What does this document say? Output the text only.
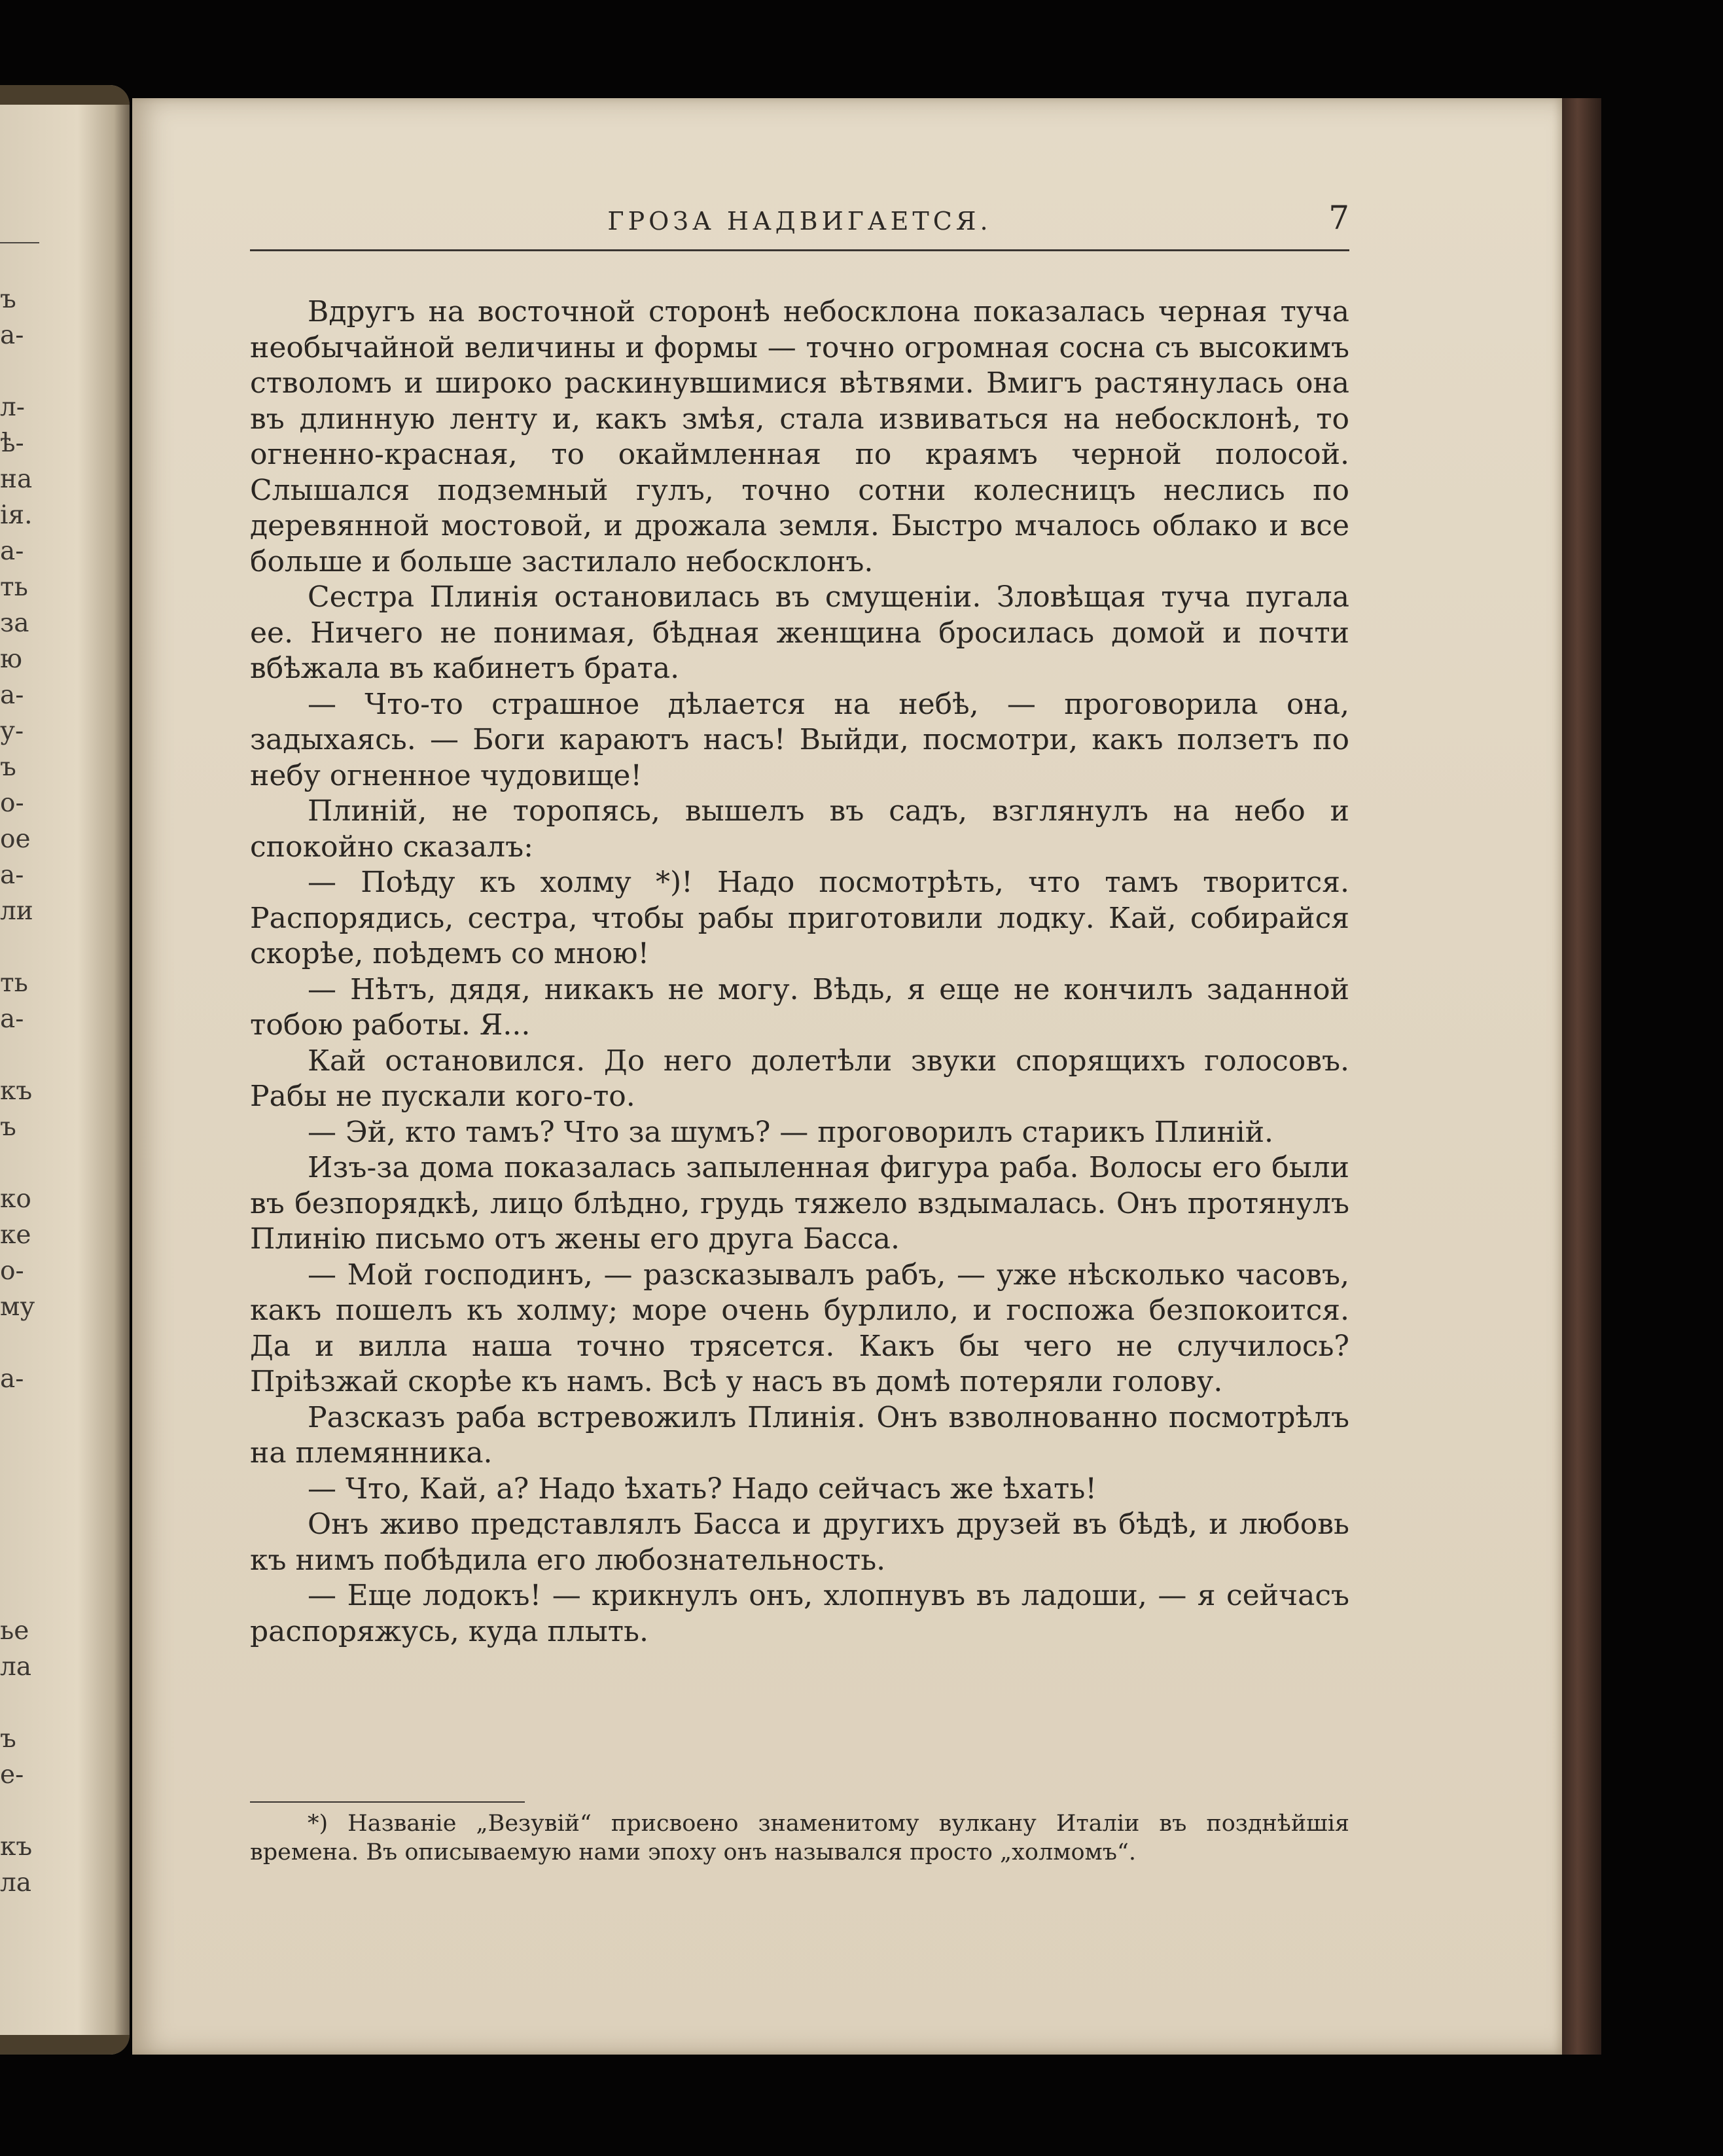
ъ
а-
л-
ѣ-
на
ія.
а-
ть
за
ю
а-
у-
ъ
о-
ое
а-
ли
ть
а-
къ
ъ
ко
ке
о-
му
а-
ье
ла
ъ
е-
къ
ла
ГРОЗА НАДВИГАЕТСЯ.	7

Вдругъ на восточной сторонѣ небосклона показалась черная туча необычайной величины и формы — точно огромная сосна съ высокимъ стволомъ и широко раскинувшимися вѣтвями. Вмигъ растянулась она въ длинную ленту и, какъ змѣя, стала извиваться на небосклонѣ, то огненно-красная, то окаймленная по краямъ черной полосой. Слышался подземный гулъ, точно сотни колесницъ неслись по деревянной мостовой, и дрожала земля. Быстро мчалось облако и все больше и больше застилало небосклонъ.

Сестра Плинія остановилась въ смущеніи. Зловѣщая туча пугала ее. Ничего не понимая, бѣдная женщина бросилась домой и почти вбѣжала въ кабинетъ брата.

— Что-то страшное дѣлается на небѣ, — проговорила она, задыхаясь. — Боги караютъ насъ! Выйди, посмотри, какъ ползетъ по небу огненное чудовище!

Плиній, не торопясь, вышелъ въ садъ, взглянулъ на небо и спокойно сказалъ:

— Поѣду къ холму *)! Надо посмотрѣть, что тамъ творится. Распорядись, сестра, чтобы рабы приготовили лодку. Кай, собирайся скорѣе, поѣдемъ со мною!

— Нѣтъ, дядя, никакъ не могу. Вѣдь, я еще не кончилъ заданной тобою работы. Я...

Кай остановился. До него долетѣли звуки спорящихъ голосовъ. Рабы не пускали кого-то.

— Эй, кто тамъ? Что за шумъ? — проговорилъ старикъ Плиній.

Изъ-за дома показалась запыленная фигура раба. Волосы его были въ безпорядкѣ, лицо блѣдно, грудь тяжело вздымалась. Онъ протянулъ Плинію письмо отъ жены его друга Басса.

— Мой господинъ, — разсказывалъ рабъ, — уже нѣсколько часовъ, какъ пошелъ къ холму; море очень бурлило, и госпожа безпокоится. Да и вилла наша точно трясется. Какъ бы чего не случилось? Пріѣзжай скорѣе къ намъ. Всѣ у насъ въ домѣ потеряли голову.

Разсказъ раба встревожилъ Плинія. Онъ взволнованно посмотрѣлъ на племянника.

— Что, Кай, а? Надо ѣхать? Надо сейчасъ же ѣхать!

Онъ живо представлялъ Басса и другихъ друзей въ бѣдѣ, и любовь къ нимъ побѣдила его любознательность.

— Еще лодокъ! — крикнулъ онъ, хлопнувъ въ ладоши, — я сейчасъ распоряжусь, куда плыть.

*) Названіе „Везувій“ присвоено знаменитому вулкану Италіи въ позднѣйшія времена. Въ описываемую нами эпоху онъ назывался просто „холмомъ“.
